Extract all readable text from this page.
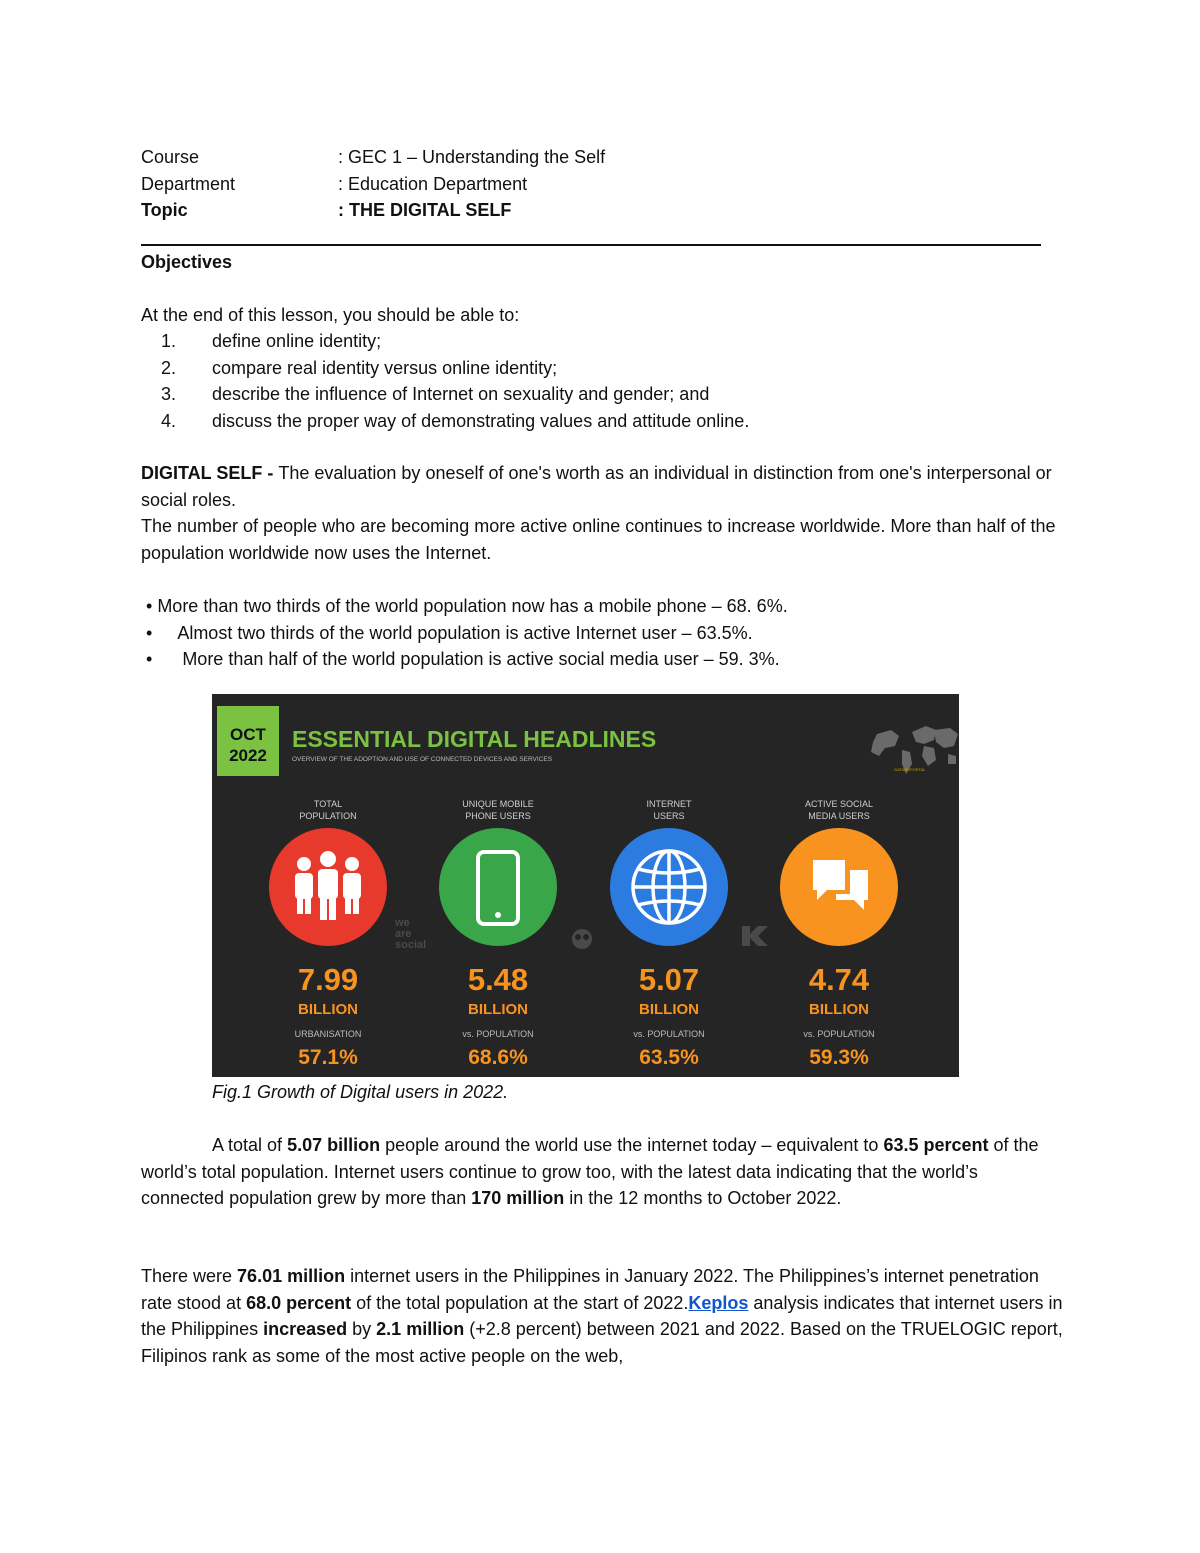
Course	: GEC 1 – Understanding the Self
Department	: Education Department
Topic	: THE DIGITAL SELF
Objectives
At the end of this lesson, you should be able to:
1.	define online identity;
2.	compare real identity versus online identity;
3.	describe the influence of Internet on sexuality and gender; and
4.	discuss the proper way of demonstrating values and attitude online.
DIGITAL SELF - The evaluation by oneself of one's worth as an individual in distinction from one's interpersonal or social roles.
The number of people who are becoming more active online continues to increase worldwide. More than half of the population worldwide now uses the Internet.
• More than two thirds of the world population now has a mobile phone – 68. 6%.
•     Almost two thirds of the world population is active Internet user – 63.5%.
•      More than half of the world population is active social media user – 59. 3%.
OCT
2022
ESSENTIAL DIGITAL HEADLINES
OVERVIEW OF THE ADOPTION AND USE OF CONNECTED DEVICES AND SERVICES
DATAREPORTAL
TOTAL
POPULATION
7.99
BILLION
URBANISATION
57.1%
we
are
social
UNIQUE MOBILE
PHONE USERS
5.48
BILLION
vs. POPULATION
68.6%
INTERNET
USERS
5.07
BILLION
vs. POPULATION
63.5%
ACTIVE SOCIAL
MEDIA USERS
4.74
BILLION
vs. POPULATION
59.3%
Fig.1 Growth of Digital users in 2022.
A total of 5.07 billion people around the world use the internet today – equivalent to 63.5 percent of the world’s total population. Internet users continue to grow too, with the latest data indicating that the world’s connected population grew by more than 170 million in the 12 months to October 2022.
There were 76.01 million internet users in the Philippines in January 2022. The Philippines’s internet penetration rate stood at 68.0 percent of the total population at the start of 2022.Keplos analysis indicates that internet users in the Philippines increased by 2.1 million (+2.8 percent) between 2021 and 2022. Based on the TRUELOGIC report, Filipinos rank as some of the most active people on the web,
